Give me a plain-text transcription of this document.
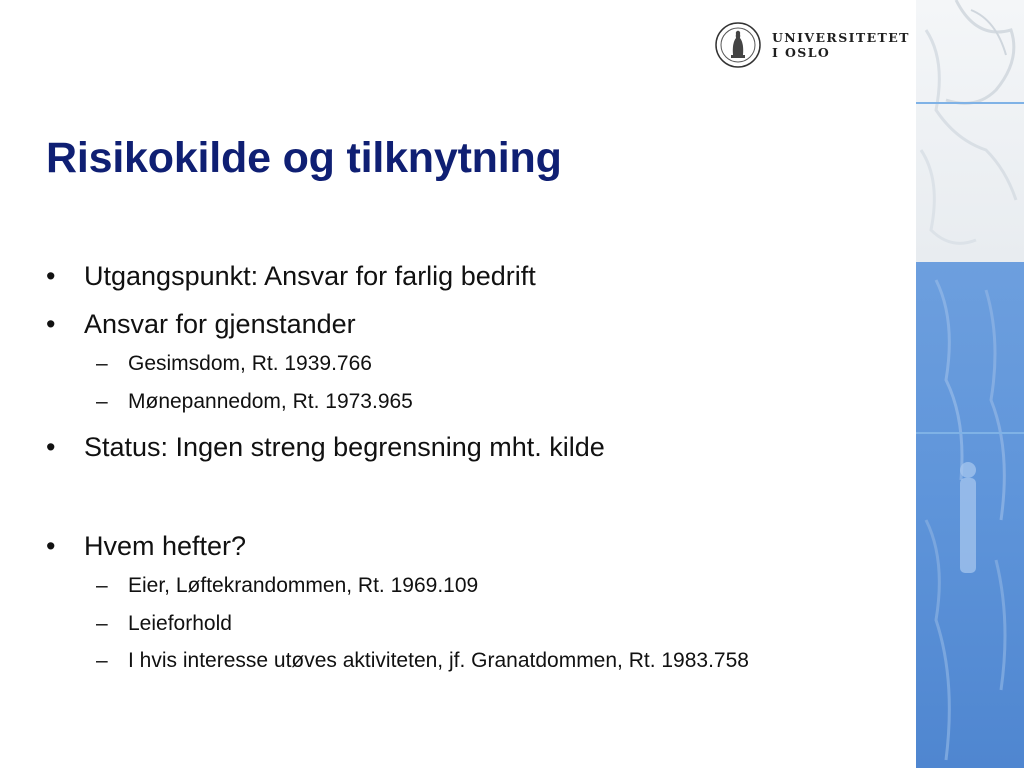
UNIVERSITETET
I OSLO
Risikokilde og tilknytning
• Utgangspunkt: Ansvar for farlig bedrift
• Ansvar for gjenstander
– Gesimsdom, Rt. 1939.766
– Mønepannedom, Rt. 1973.965
• Status: Ingen streng begrensning mht. kilde
• Hvem hefter?
– Eier, Løftekrandommen, Rt. 1969.109
– Leieforhold
– I hvis interesse utøves aktiviteten, jf. Granatdommen, Rt. 1983.758
